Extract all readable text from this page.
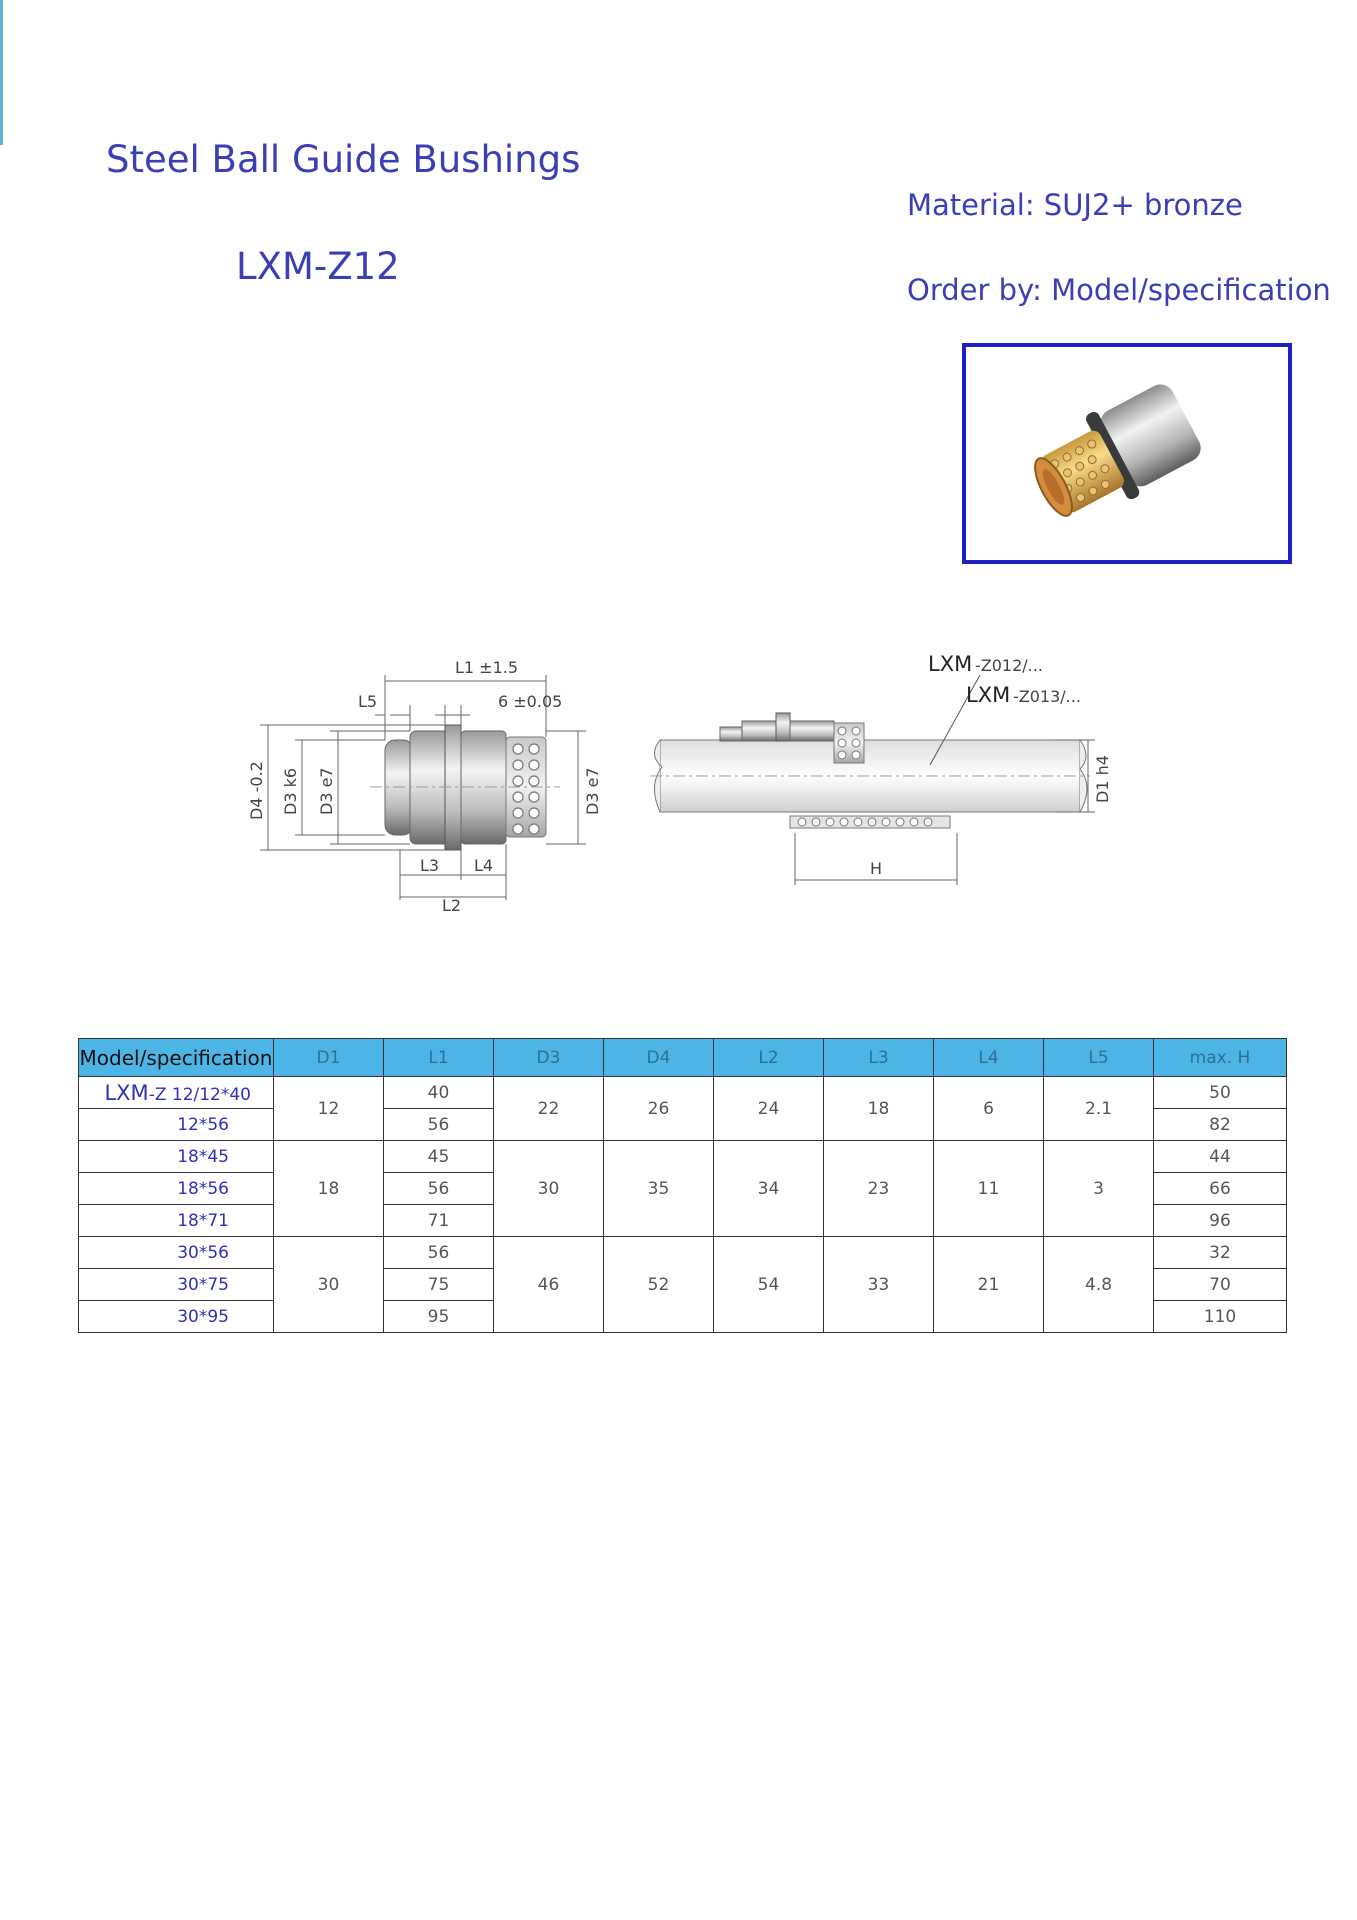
Steel Ball Guide Bushings
LXM-Z12
Material: SUJ2+ bronze
Order by: Model/specification
L1 ±1.5
L5	6 ±0.05
D4 -0.2 D3 k6 D3 e7	D3 e7
L3 L4
L2
LXM -Z012/...
LXM -Z013/...
H
D1 h4
Model/specification	D1	L1	D3	D4	L2	L3	L4	L5	max. H
LXM-Z 12/12*40	12	40	22	26	24	18	6	2.1	50
12*56		56							82
18*45	18	45	30	35	34	23	11	3	44
18*56		56							66
18*71		71							96
30*56	30	56	46	52	54	33	21	4.8	32
30*75		75							70
30*95		95							110
